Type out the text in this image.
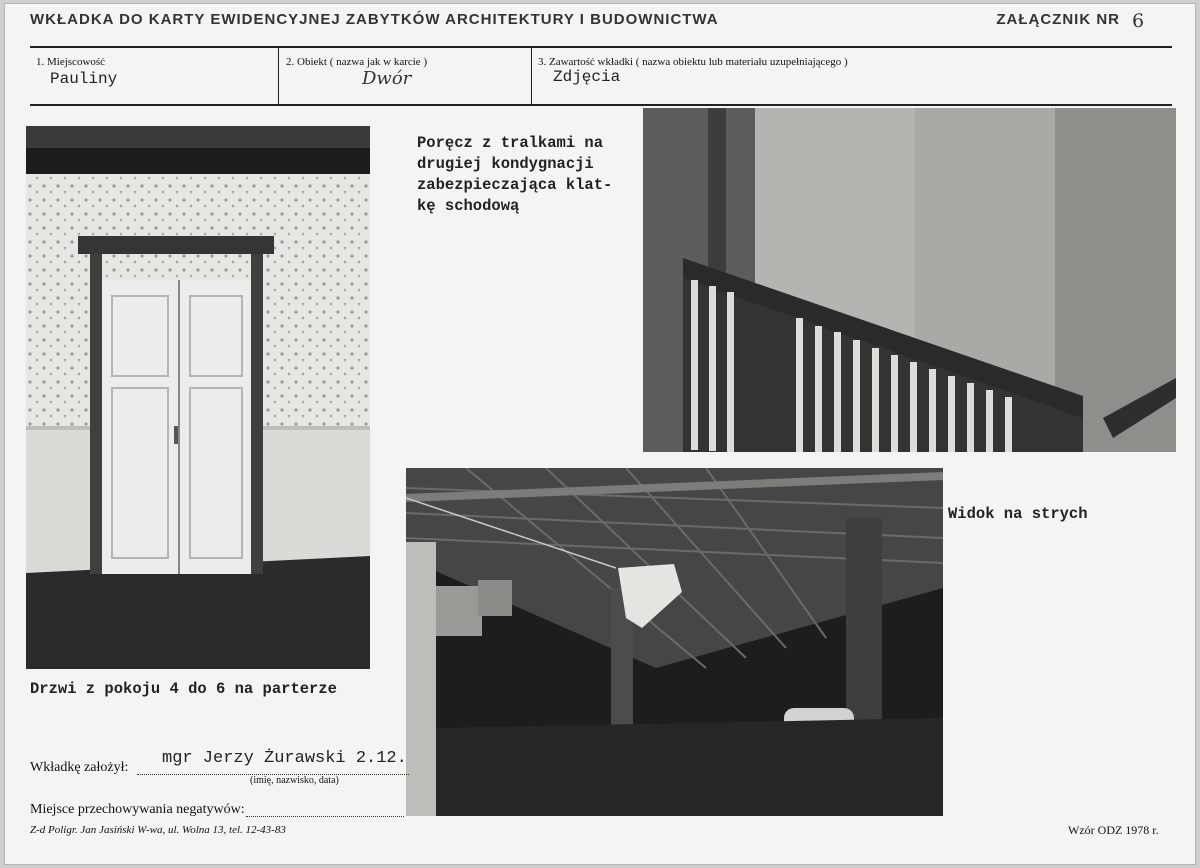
WKŁADKA DO KARTY EWIDENCYJNEJ ZABYTKÓW ARCHITEKTURY I BUDOWNICTWA	ZAŁĄCZNIK NR 6
1. Miejscowość
Pauliny
2. Obiekt ( nazwa jak w karcie )
Dwór
3. Zawartość wkładki ( nazwa obiektu lub materiału uzupełniającego )
Zdjęcia
Poręcz z tralkami na
drugiej kondygnacji
zabezpieczająca klat-
kę schodową
Widok na strych
Drzwi z pokoju 4 do 6 na parterze
Wkładkę założył: mgr Jerzy Żurawski 2.12.
(imię, nazwisko, data)
Miejsce przechowywania negatywów:
Z-d Poligr. Jan Jasiński W-wa, ul. Wolna 13, tel. 12-43-83	Wzór ODZ 1978 r.
